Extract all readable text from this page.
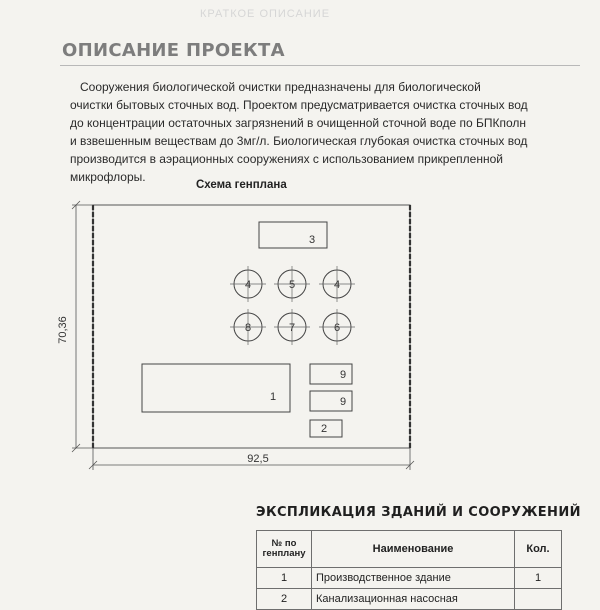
КРАТКОЕ ОПИСАНИЕ
ОПИСАНИЕ ПРОЕКТА

Сооружения биологической очистки предназначены для биологической

очистки бытовых сточных вод. Проектом предусматривается очистка сточных вод
до концентрации остаточных загрязнений в очищенной сточной воде по БПКполн
и взвешенным веществам до 3мг/л. Биологическая глубокая очистка сточных вод
производится в аэрационных сооружениях с использованием прикрепленной микрофлоры.
Схема генплана
70,36
92,5
3
1
9
9
2
4	5	4
8	7	6
ЭКСПЛИКАЦИЯ ЗДАНИЙ И СООРУЖЕНИЙ
№ по генплану	Наименование	Кол.
1	Производственное здание	1
2	Канализационная насосная	
